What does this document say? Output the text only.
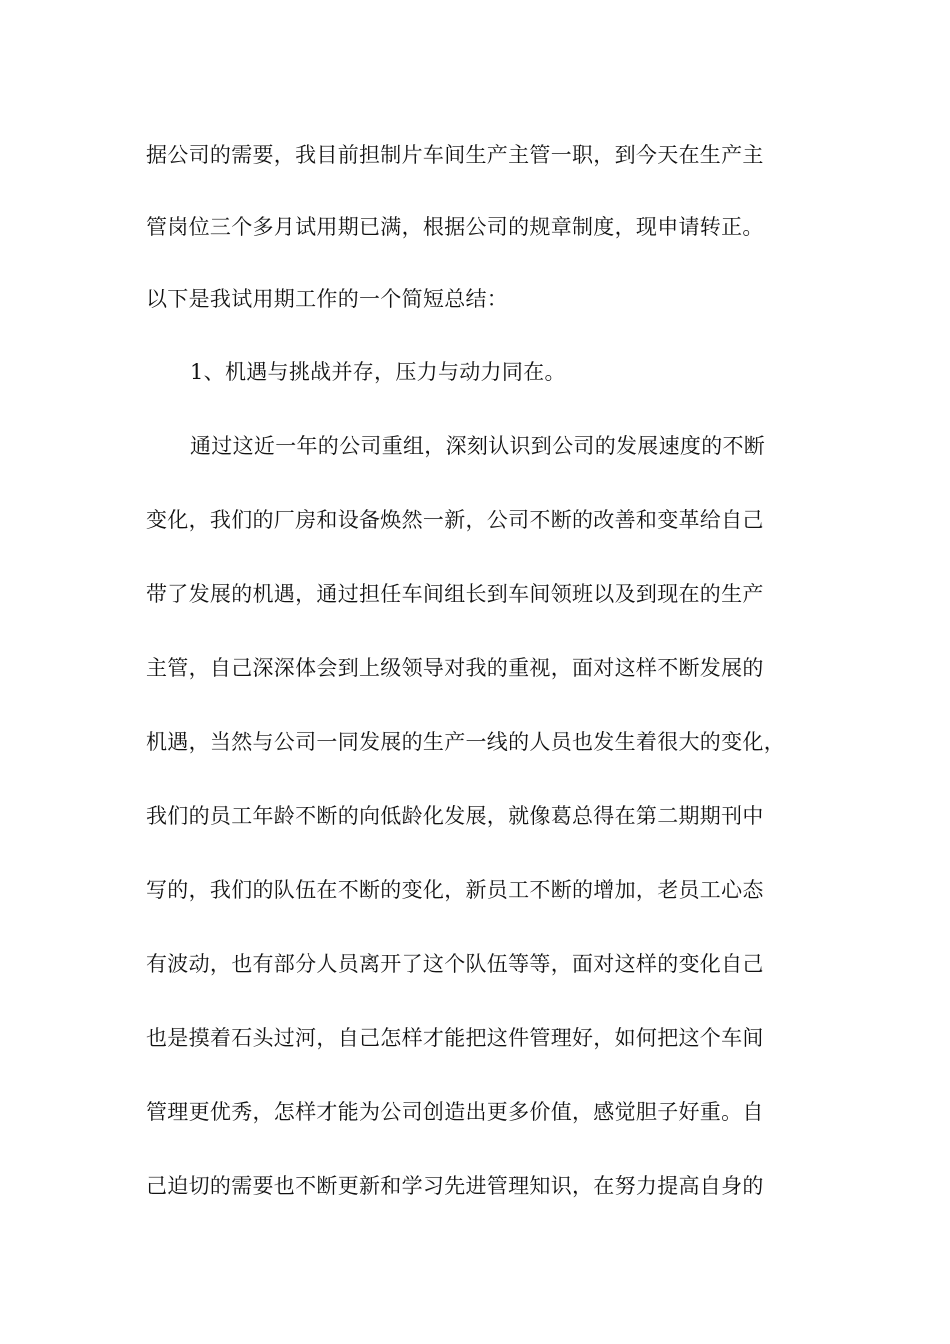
据公司的需要，我目前担制片车间生产主管一职，到今天在生产主
管岗位三个多月试用期已满，根据公司的规章制度，现申请转正。
以下是我试用期工作的一个简短总结：
1、机遇与挑战并存，压力与动力同在。
通过这近一年的公司重组，深刻认识到公司的发展速度的不断
变化，我们的厂房和设备焕然一新，公司不断的改善和变革给自己
带了发展的机遇，通过担任车间组长到车间领班以及到现在的生产
主管，自己深深体会到上级领导对我的重视，面对这样不断发展的
机遇，当然与公司一同发展的生产一线的人员也发生着很大的变化，
我们的员工年龄不断的向低龄化发展，就像葛总得在第二期期刊中
写的，我们的队伍在不断的变化，新员工不断的增加，老员工心态
有波动，也有部分人员离开了这个队伍等等，面对这样的变化自己
也是摸着石头过河，自己怎样才能把这件管理好，如何把这个车间
管理更优秀，怎样才能为公司创造出更多价值，感觉胆子好重。自
己迫切的需要也不断更新和学习先进管理知识，在努力提高自身的
